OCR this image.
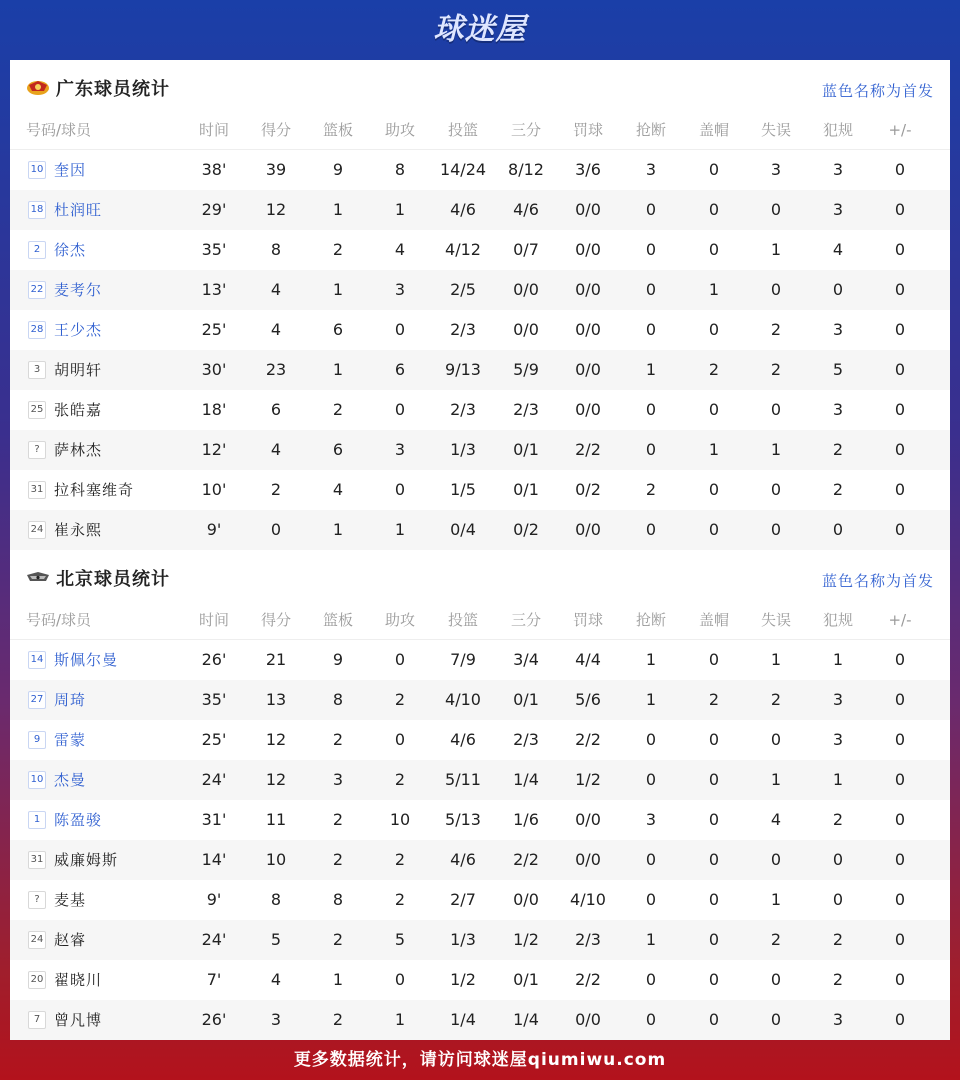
球迷屋
广东球员统计	蓝色名称为首发
号码/球员	时间	得分	篮板	助攻	投篮	三分	罚球	抢断	盖帽	失误	犯规	+/-
10 奎因	38'	39	9	8	14/24	8/12	3/6	3	0	3	3	0
18 杜润旺	29'	12	1	1	4/6	4/6	0/0	0	0	0	3	0
2 徐杰	35'	8	2	4	4/12	0/7	0/0	0	0	1	4	0
22 麦考尔	13'	4	1	3	2/5	0/0	0/0	0	1	0	0	0
28 王少杰	25'	4	6	0	2/3	0/0	0/0	0	0	2	3	0
3 胡明轩	30'	23	1	6	9/13	5/9	0/0	1	2	2	5	0
25 张皓嘉	18'	6	2	0	2/3	2/3	0/0	0	0	0	3	0
? 萨林杰	12'	4	6	3	1/3	0/1	2/2	0	1	1	2	0
31 拉科塞维奇	10'	2	4	0	1/5	0/1	0/2	2	0	0	2	0
24 崔永熙	9'	0	1	1	0/4	0/2	0/0	0	0	0	0	0
北京球员统计	蓝色名称为首发
号码/球员	时间	得分	篮板	助攻	投篮	三分	罚球	抢断	盖帽	失误	犯规	+/-
14 斯佩尔曼	26'	21	9	0	7/9	3/4	4/4	1	0	1	1	0
27 周琦	35'	13	8	2	4/10	0/1	5/6	1	2	2	3	0
9 雷蒙	25'	12	2	0	4/6	2/3	2/2	0	0	0	3	0
10 杰曼	24'	12	3	2	5/11	1/4	1/2	0	0	1	1	0
1 陈盈骏	31'	11	2	10	5/13	1/6	0/0	3	0	4	2	0
31 威廉姆斯	14'	10	2	2	4/6	2/2	0/0	0	0	0	0	0
? 麦基	9'	8	8	2	2/7	0/0	4/10	0	0	1	0	0
24 赵睿	24'	5	2	5	1/3	1/2	2/3	1	0	2	2	0
20 翟晓川	7'	4	1	0	1/2	0/1	2/2	0	0	0	2	0
7 曾凡博	26'	3	2	1	1/4	1/4	0/0	0	0	0	3	0
更多数据统计，请访问球迷屋qiumiwu.com
